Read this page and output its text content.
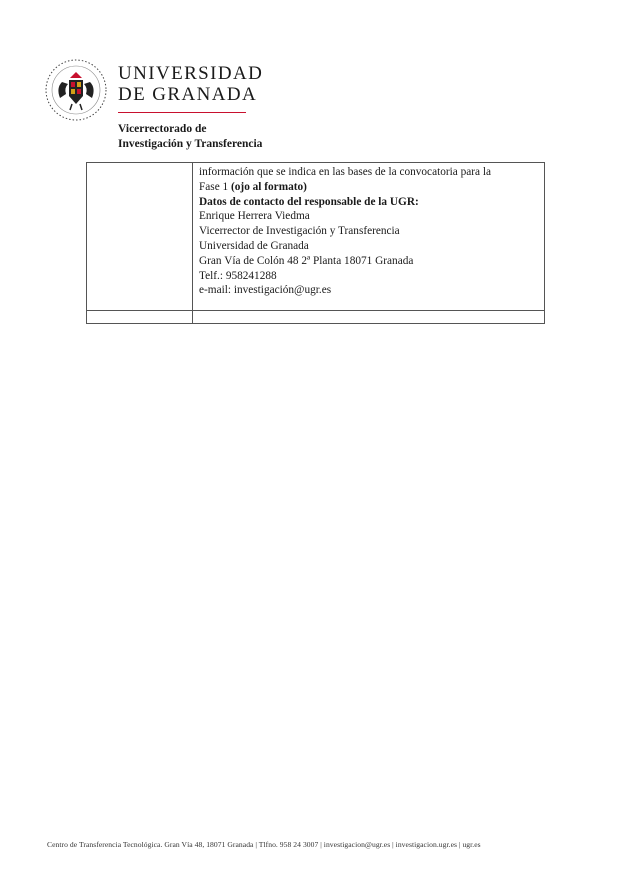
UNIVERSIDAD
DE GRANADA
Vicerrectorado de
Investigación y Transferencia
información que se indica en las bases de la convocatoria para la
Fase 1 (ojo al formato)
Datos de contacto del responsable de la UGR:
Enrique Herrera Viedma
Vicerrector de Investigación y Transferencia
Universidad de Granada
Gran Vía de Colón 48 2ª Planta 18071 Granada
Telf.: 958241288
e-mail: investigación@ugr.es
Centro de Transferencia Tecnológica. Gran Vía 48, 18071 Granada | Tlfno. 958 24 3007 | investigacion@ugr.es | investigacion.ugr.es | ugr.es
